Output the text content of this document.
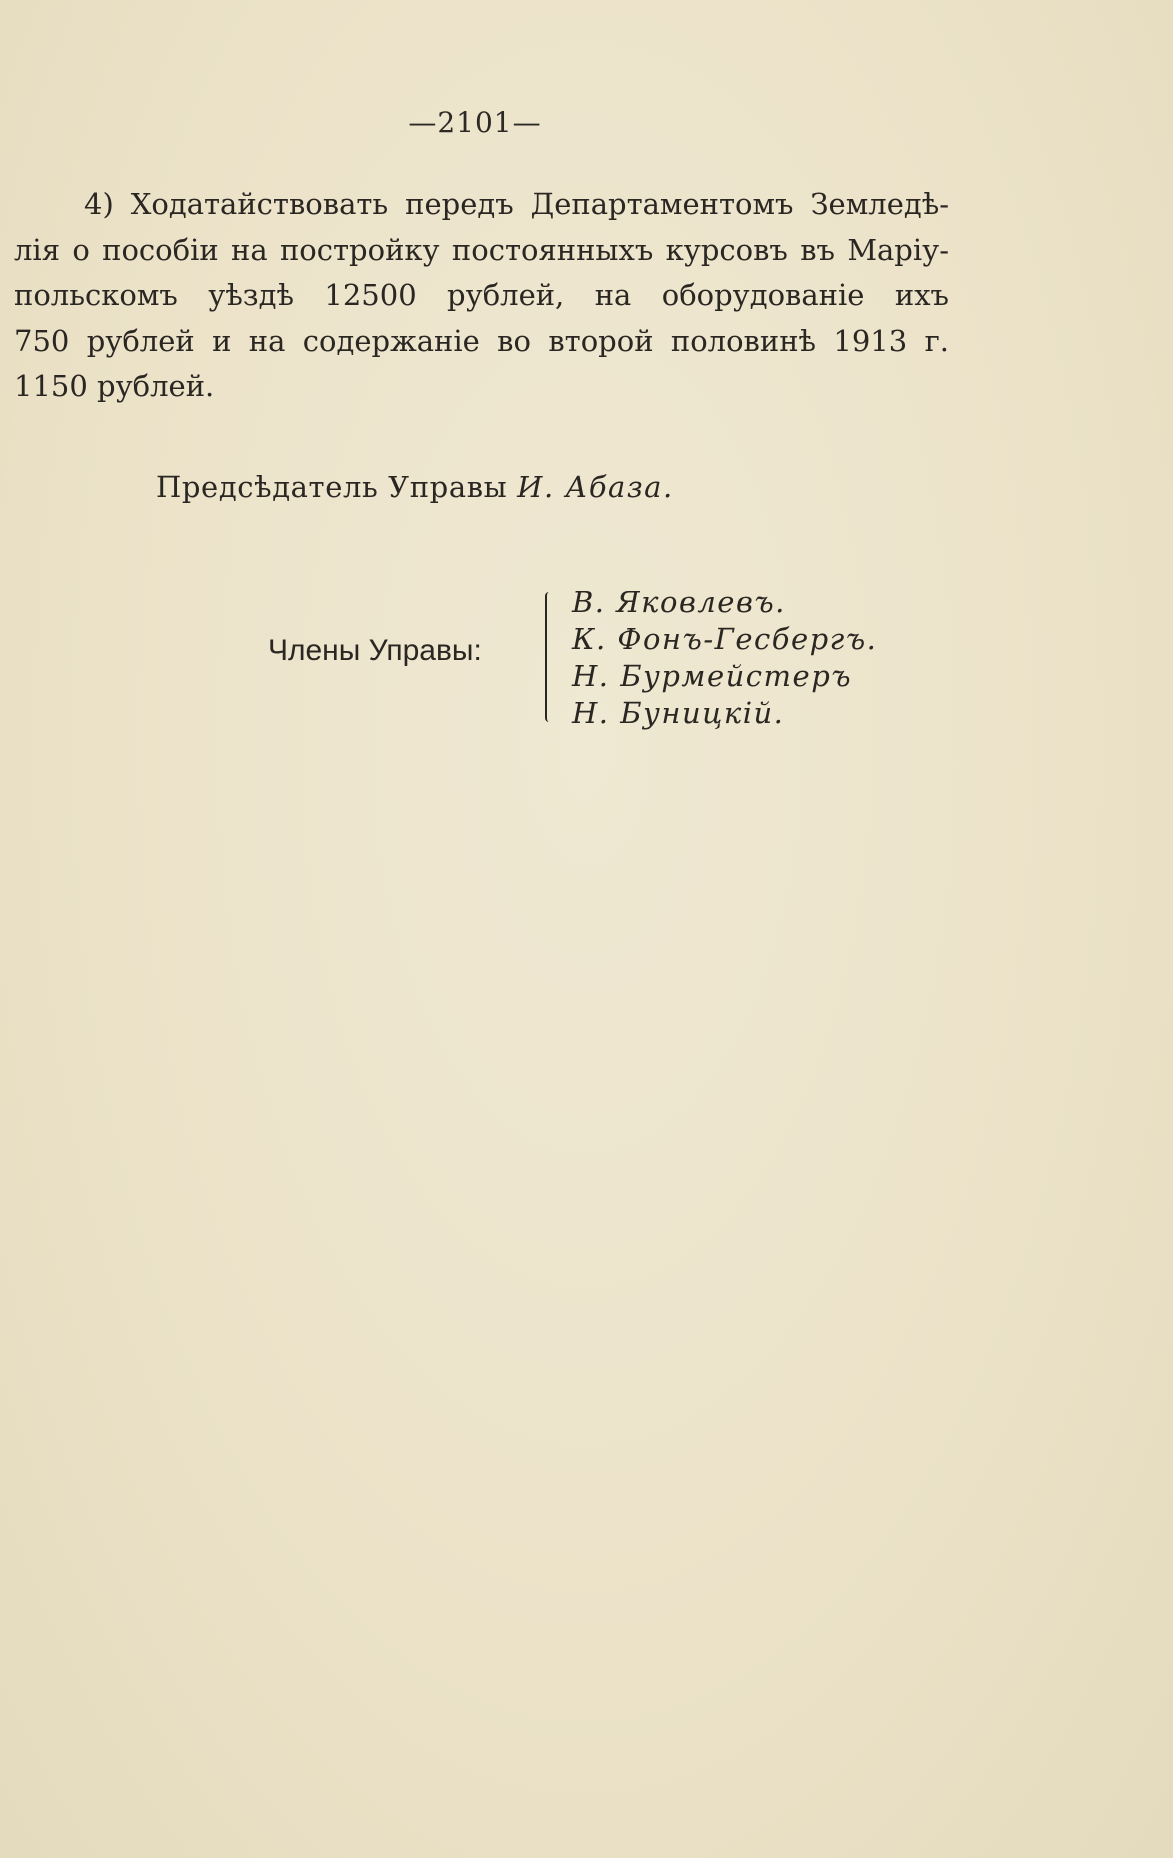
—2101—
4) Ходатайствовать передъ Департаментомъ Земледѣ-
лія о пособіи на постройку постоянныхъ курсовъ въ Маріу-
польскомъ уѣздѣ 12500 рублей, на оборудованіе ихъ
750 рублей и на содержаніе во второй половинѣ 1913 г.
1150 рублей.
Предсѣдатель Управы И. Абаза.
Члены Управы:
В. Яковлевъ.
К. Фонъ-Гесбергъ.
Н. Бурмейстеръ
Н. Буницкій.
